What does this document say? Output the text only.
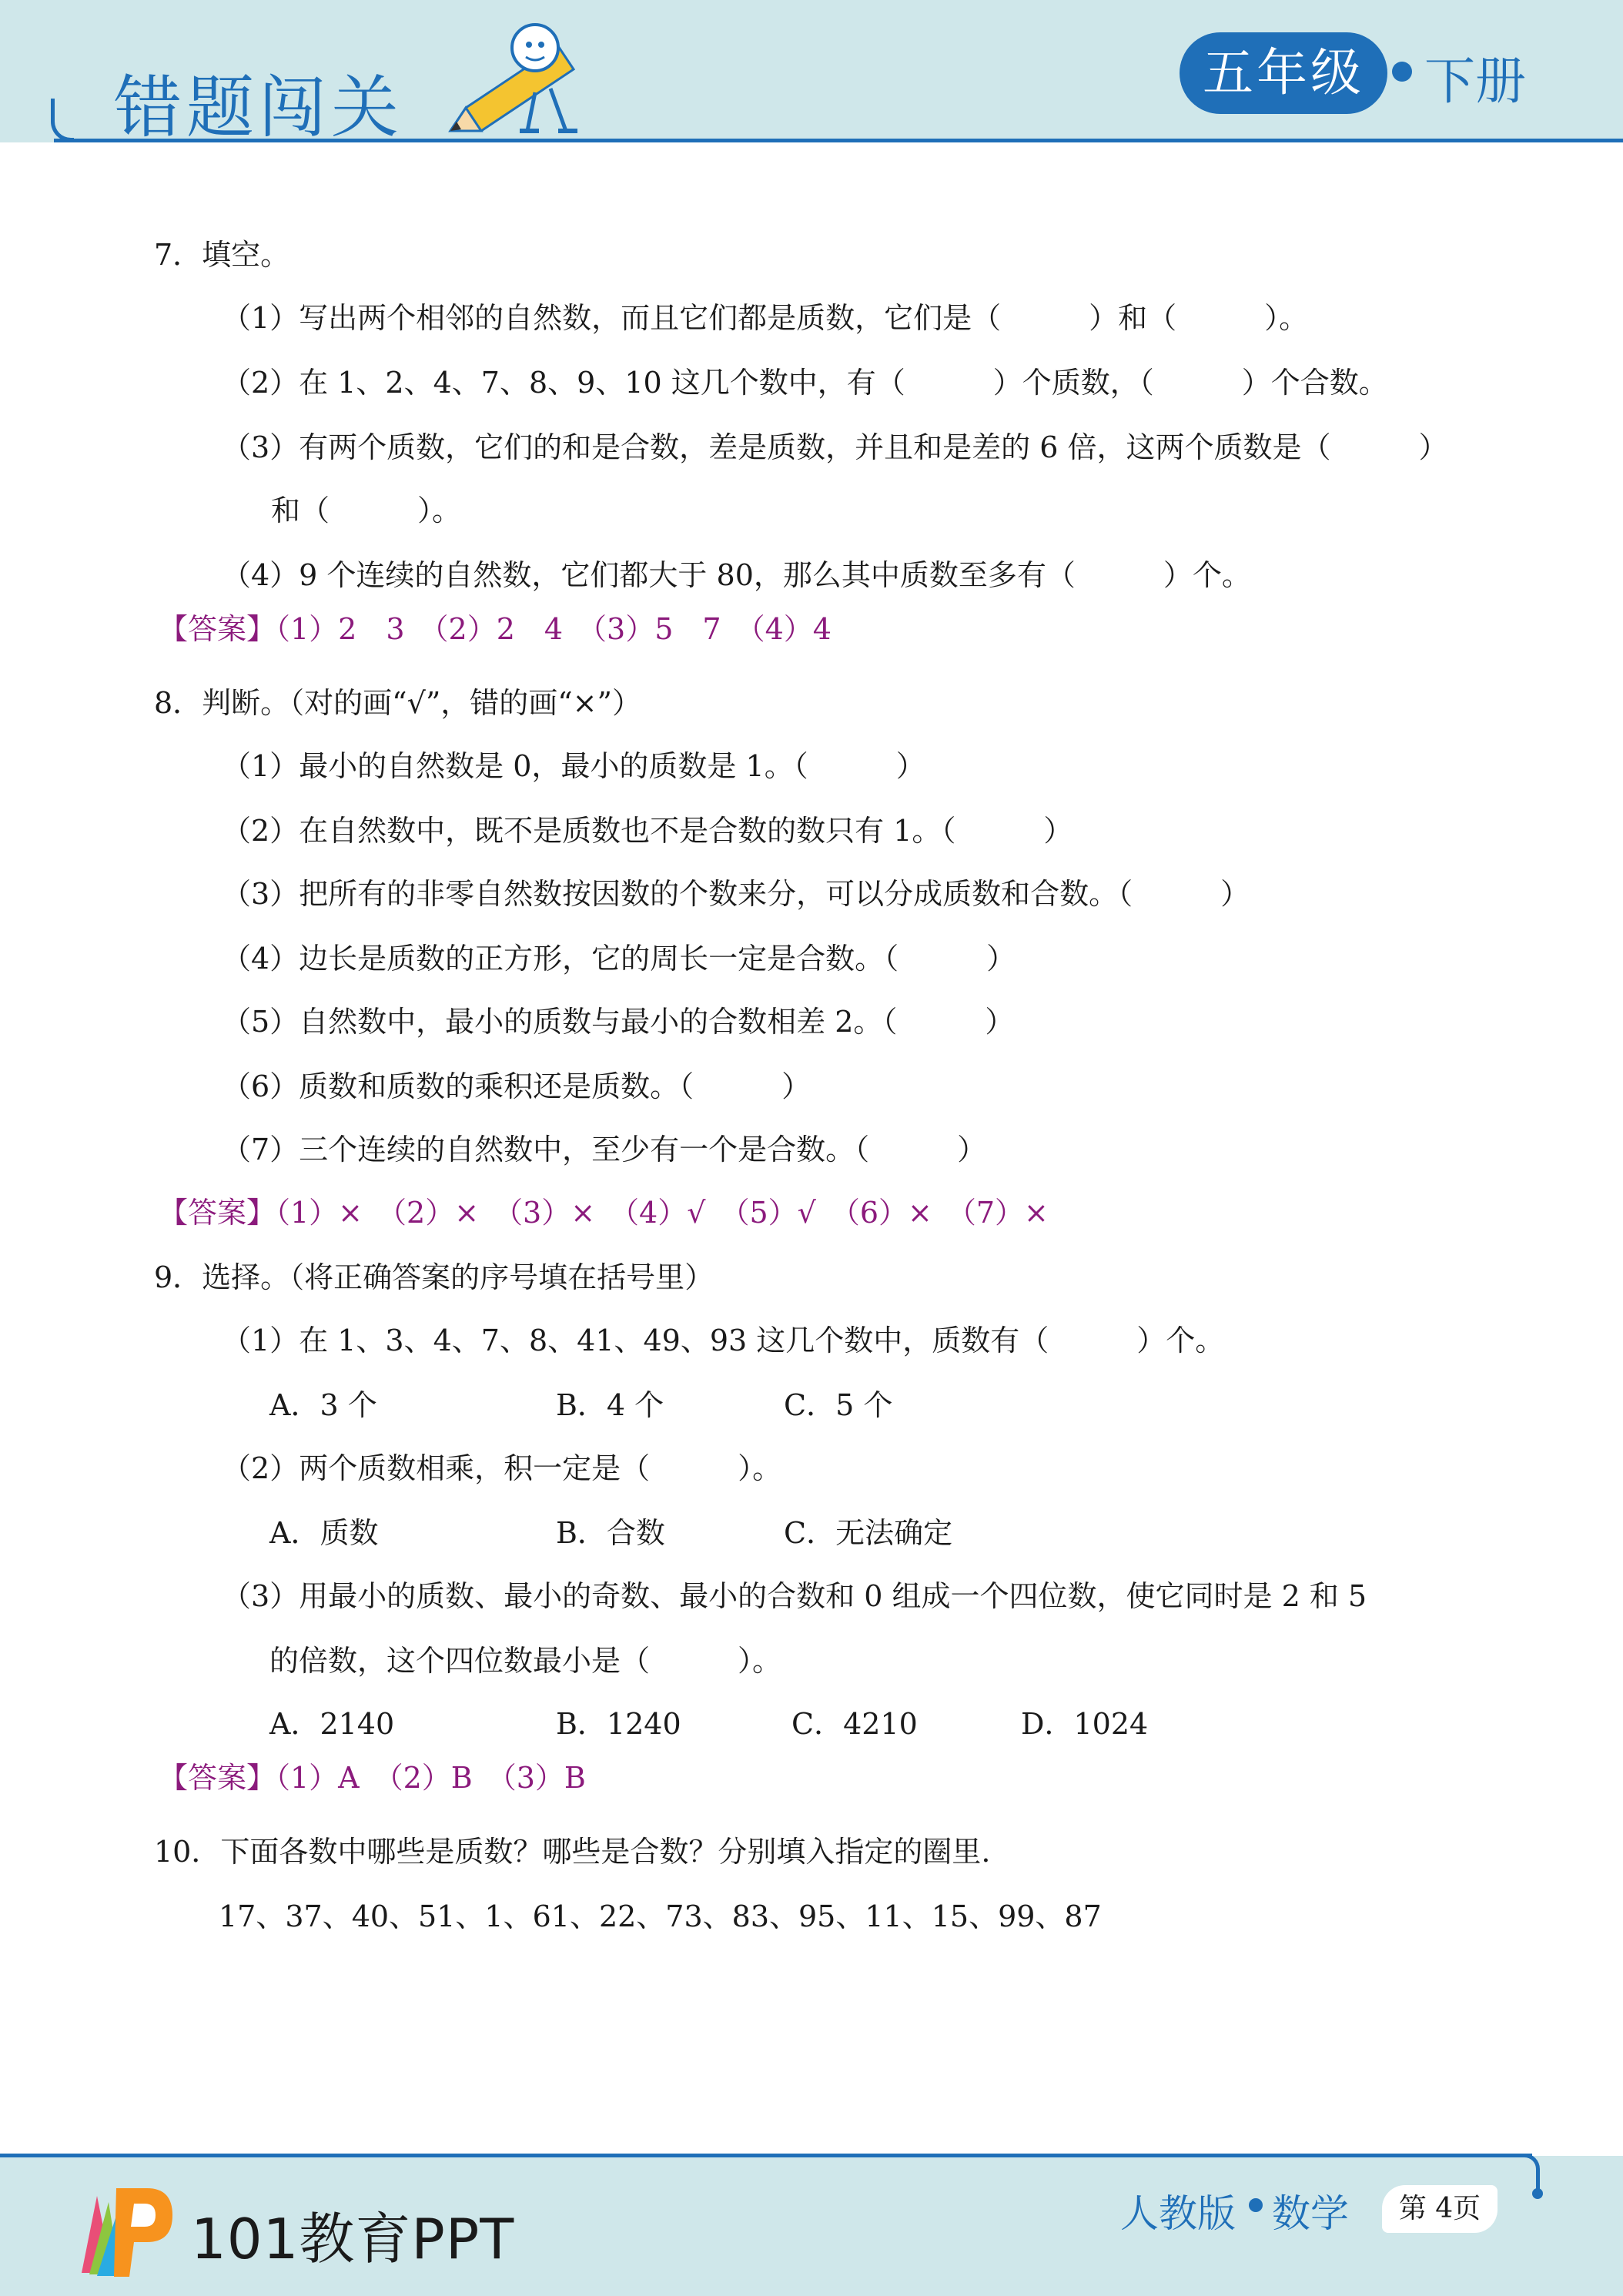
错题闯关	五年级	下册
7．填空。
（1）写出两个相邻的自然数，而且它们都是质数，它们是（　　　）和（　　　）。
（2）在 1、2、4、7、8、9、10 这几个数中，有（　　　）个质数，（　　　）个合数。
（3）有两个质数，它们的和是合数，差是质数，并且和是差的 6 倍，这两个质数是（　　　）
和（　　　）。
（4）9 个连续的自然数，它们都大于 80，那么其中质数至多有（　　　）个。
【答案】（1）2　3　（2）2　4　（3）5　7　（4）4
8．判断。（对的画“√”，错的画“×”）
（1）最小的自然数是 0，最小的质数是 1。（　　　）
（2）在自然数中，既不是质数也不是合数的数只有 1。（　　　）
（3）把所有的非零自然数按因数的个数来分，可以分成质数和合数。（　　　）
（4）边长是质数的正方形，它的周长一定是合数。（　　　）
（5）自然数中，最小的质数与最小的合数相差 2。（　　　）
（6）质数和质数的乘积还是质数。（　　　）
（7）三个连续的自然数中，至少有一个是合数。（　　　）
【答案】（1）×　（2）×　（3）×　（4）√　（5）√　（6）×　（7）×
9．选择。（将正确答案的序号填在括号里）
（1）在 1、3、4、7、8、41、49、93 这几个数中，质数有（　　　）个。
A．3 个	B．4 个	C．5 个
（2）两个质数相乘，积一定是（　　　）。
A．质数	B．合数	C．无法确定
（3）用最小的质数、最小的奇数、最小的合数和 0 组成一个四位数，使它同时是 2 和 5
的倍数，这个四位数最小是（　　　）。
A．2140	B．1240	C．4210	D．1024
【答案】（1）A　（2）B　（3）B
10．下面各数中哪些是质数？哪些是合数？分别填入指定的圈里.
17、37、40、51、1、61、22、73、83、95、11、15、99、87
101教育PPT	人教版 数学	第 4页
